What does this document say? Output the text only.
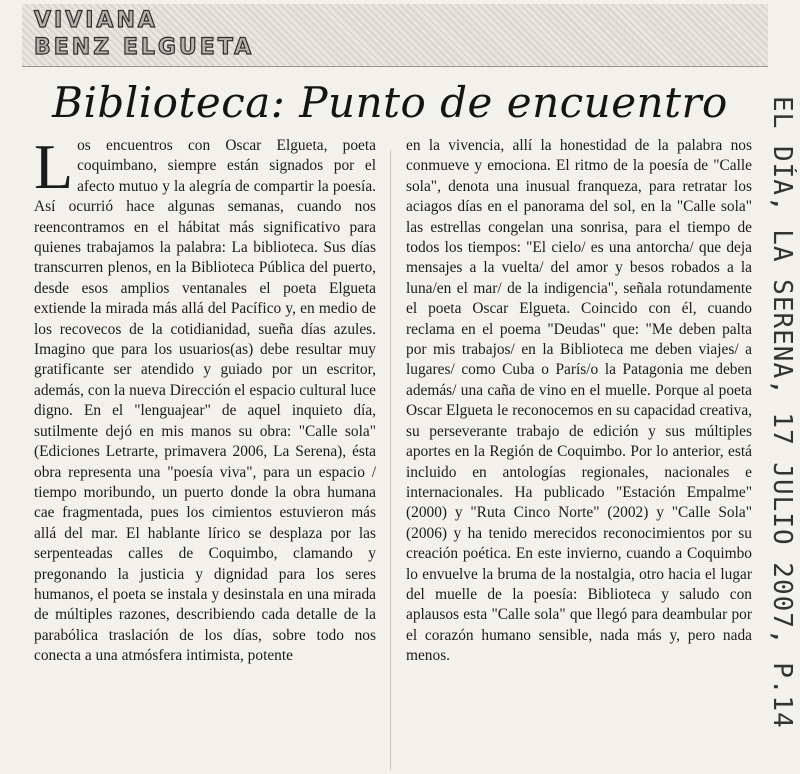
VIVIANA
BENZ ELGUETA
Biblioteca: Punto de encuentro
Los encuentros con Oscar Elgueta, poeta coquimbano, siempre están signados por el afecto mutuo y la alegría de compartir la poesía. Así ocurrió hace algunas semanas, cuando nos reencontramos en el hábitat más significativo para quienes trabajamos la palabra: La biblioteca. Sus días transcurren plenos, en la Biblioteca Pública del puerto, desde esos amplios ventanales el poeta Elgueta extiende la mirada más allá del Pacífico y, en medio de los recovecos de la cotidianidad, sueña días azules. Imagino que para los usuarios(as) debe resultar muy gratificante ser atendido y guiado por un escritor, además, con la nueva Dirección el espacio cultural luce digno. En el "lenguajear" de aquel inquieto día, sutilmente dejó en mis manos su obra: "Calle sola" (Ediciones Letrarte, primavera 2006, La Serena), ésta obra representa una "poesía viva", para un espacio / tiempo moribundo, un puerto donde la obra humana cae fragmentada, pues los cimientos estuvieron más allá del mar. El hablante lírico se desplaza por las serpenteadas calles de Coquimbo, clamando y pregonando la justicia y dignidad para los seres humanos, el poeta se instala y desinstala en una mirada de múltiples razones, describiendo cada detalle de la parabólica traslación de los días, sobre todo nos conecta a una atmósfera intimista, potente
en la vivencia, allí la honestidad de la palabra nos conmueve y emociona. El ritmo de la poesía de "Calle sola", denota una inusual franqueza, para retratar los aciagos días en el panorama del sol, en la "Calle sola" las estrellas congelan una sonrisa, para el tiempo de todos los tiempos: "El cielo/ es una antorcha/ que deja mensajes a la vuelta/ del amor y besos robados a la luna/en el mar/ de la indigencia", señala rotundamente el poeta Oscar Elgueta. Coincido con él, cuando reclama en el poema "Deudas" que: "Me deben palta por mis trabajos/ en la Biblioteca me deben viajes/ a lugares/ como Cuba o París/o la Patagonia me deben además/ una caña de vino en el muelle. Porque al poeta Oscar Elgueta le reconocemos en su capacidad creativa, su perseverante trabajo de edición y sus múltiples aportes en la Región de Coquimbo. Por lo anterior, está incluido en antologías regionales, nacionales e internacionales. Ha publicado "Estación Empalme" (2000) y "Ruta Cinco Norte" (2002) y "Calle Sola" (2006) y ha tenido merecidos reconocimientos por su creación poética. En este invierno, cuando a Coquimbo lo envuelve la bruma de la nostalgia, otro hacia el lugar del muelle de la poesía: Biblioteca y saludo con aplausos esta "Calle sola" que llegó para deambular por el corazón humano sensible, nada más y, pero nada menos.	EL DÍA, LA SERENA, 17 JULIO 2007, P.14
